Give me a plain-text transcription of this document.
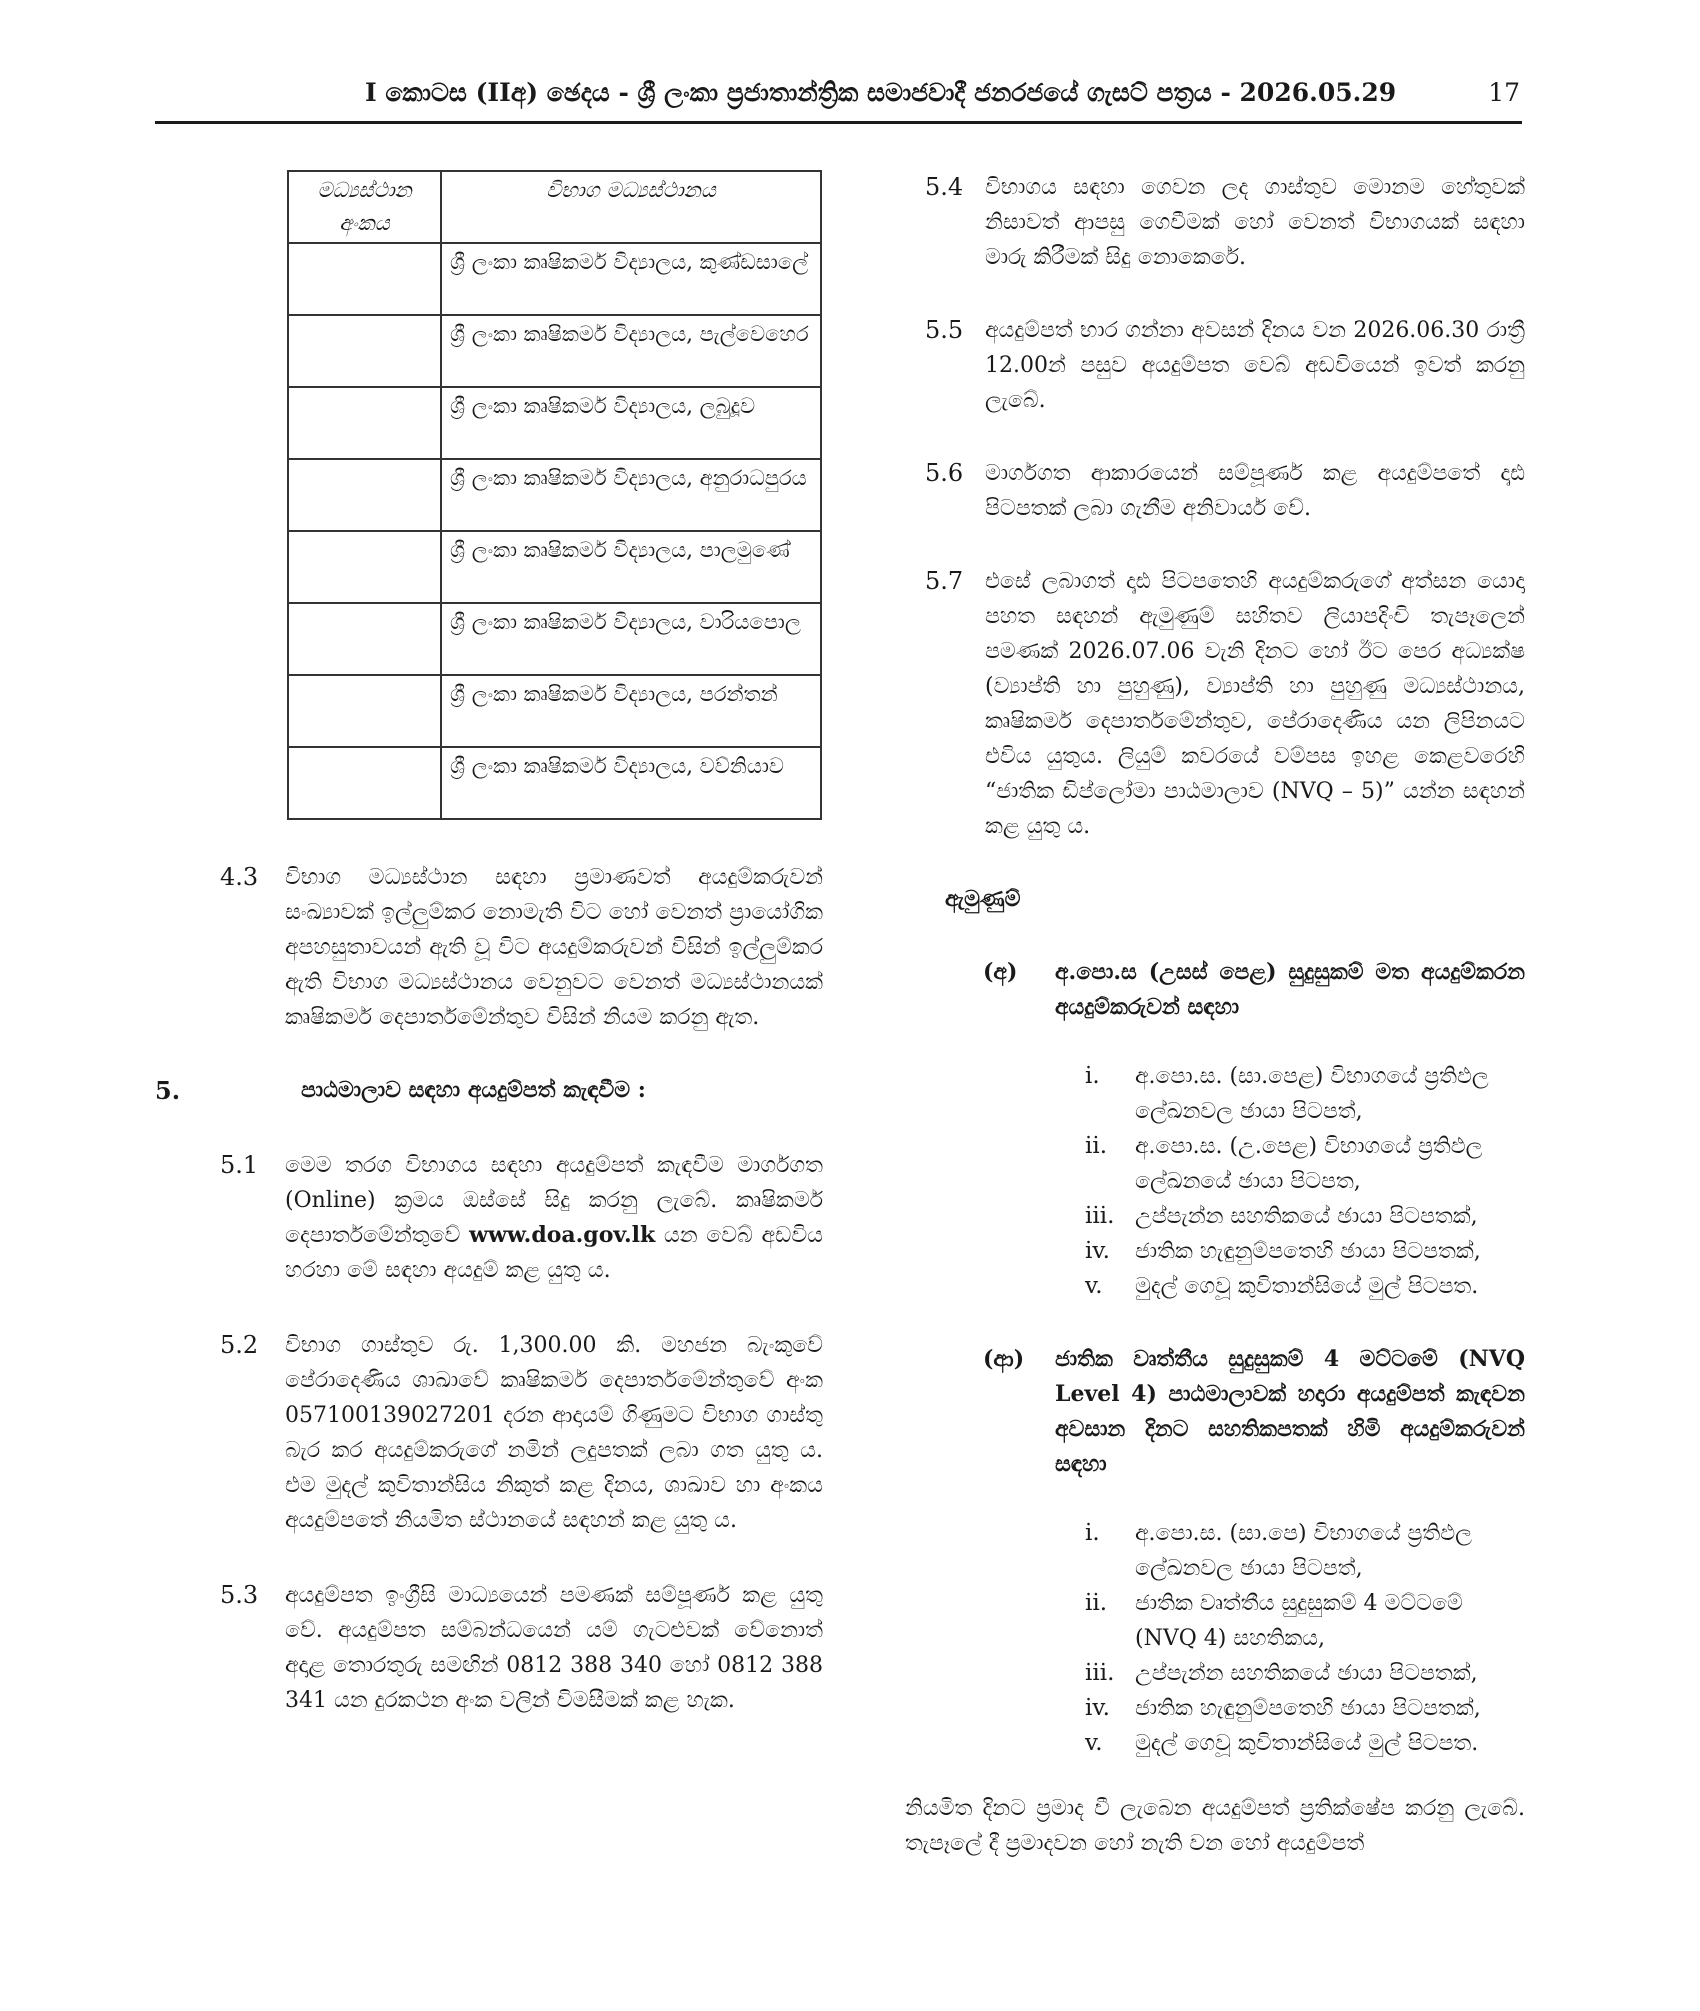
I කොටස (IIඅ) ඡෙදය - ශ්‍රී ලංකා ප්‍රජාතාන්ත්‍රික සමාජවාදී ජනරජයේ ගැසට් පත්‍රය - 2026.05.29	17
මධ්‍යස්ථාන අංකය	විභාග මධ්‍යස්ථානය
	ශ්‍රී ලංකා කෘෂිකර්ම විද්‍යාලය, කුණ්ඩසාලේ
	ශ්‍රී ලංකා කෘෂිකර්ම විද්‍යාලය, පැල්වෙහෙර
	ශ්‍රී ලංකා කෘෂිකර්ම විද්‍යාලය, ලබුදූව
	ශ්‍රී ලංකා කෘෂිකර්ම විද්‍යාලය, අනුරාධපුරය
	ශ්‍රී ලංකා කෘෂිකර්ම විද්‍යාලය, පාලමුණේ
	ශ්‍රී ලංකා කෘෂිකර්ම විද්‍යාලය, වාරියපොල
	ශ්‍රී ලංකා කෘෂිකර්ම විද්‍යාලය, පරන්තන්
	ශ්‍රී ලංකා කෘෂිකර්ම විද්‍යාලය, වව්නියාව
4.3	විභාග මධ්‍යස්ථාන සඳහා ප්‍රමාණවත් අයදුම්කරුවන් සංඛ්‍යාවක් ඉල්ලුම්කර නොමැති විට හෝ වෙනත් ප්‍රායෝගික අපහසුතාවයන් ඇති වූ විට අයදුම්කරුවන් විසින් ඉල්ලුම්කර ඇති විභාග මධ්‍යස්ථානය වෙනුවට වෙනත් මධ්‍යස්ථානයක් කෘෂිකර්ම දෙපාර්තමේන්තුව විසින් නියම කරනු ඇත.
5.	පාඨමාලාව සඳහා අයදුම්පත් කැඳවීම :
5.1	මෙම තරග විභාගය සඳහා අයදුම්පත් කැඳවීම මාර්ගගත (Online) ක්‍රමය ඔස්සේ සිදු කරනු ලැබේ. කෘෂිකර්ම දෙපාර්තමේන්තුවේ www.doa.gov.lk යන වෙබ් අඩවිය හරහා මේ සඳහා අයදුම් කළ යුතු ය.
5.2	විභාග ගාස්තුව රු. 1,300.00 කි. මහජන බැංකුවේ පේරාදෙණිය ශාඛාවේ කෘෂිකර්ම දෙපාර්තමේන්තුවේ අංක 057100139027201 දරන ආදායම් ගිණුමට විභාග ගාස්තු බැර කර අයදුම්කරුගේ නමින් ලදුපතක් ලබා ගත යුතු ය. එම මුදල් කුවිතාන්සිය නිකුත් කළ දිනය, ශාඛාව හා අංකය අයදුම්පතේ නියමිත ස්ථානයේ සඳහන් කළ යුතු ය.
5.3	අයදුම්පත ඉංග්‍රීසි මාධ්‍යයෙන් පමණක් සම්පූර්ණ කළ යුතු වේ. අයදුම්පත සම්බන්ධයෙන් යම් ගැටළුවක් වේනොත් අදාළ තොරතුරු සමඟින් 0812 388 340 හෝ 0812 388 341 යන දුරකථන අංක වලින් විමසීමක් කළ හැක.
5.4 විභාගය සඳහා ගෙවන ලද ගාස්තුව මොනම හේතුවක් නිසාවත් ආපසු ගෙවීමක් හෝ වෙනත් විභාගයක් සඳහා මාරු කිරීමක් සිදු නොකෙරේ.
5.5 අයදුම්පත් භාර ගන්නා අවසන් දිනය වන 2026.06.30 රාත්‍රී 12.00න් පසුව අයදුම්පත වෙබ් අඩවියෙන් ඉවත් කරනු ලැබේ.
5.6 මාර්ගගත ආකාරයෙන් සම්පූර්ණ කළ අයදුම්පතේ දෘඪ පිටපතක් ලබා ගැනීම අනිවාර්ය වේ.
5.7 එසේ ලබාගත් දෘඪ පිටපතෙහි අයදුම්කරුගේ අත්සන යොදා පහත සඳහන් ඇමුණුම් සහිතව ලියාපදිංචි තැපෑලෙන් පමණක් 2026.07.06 වැනි දිනට හෝ ඊට පෙර අධ්‍යක්ෂ (ව්‍යාප්ති හා පුහුණු), ව්‍යාප්ති හා පුහුණු මධ්‍යස්ථානය, කෘෂිකර්ම දෙපාර්තමේන්තුව, පේරාදෙණිය යන ලිපිනයට එවිය යුතුය. ලියුම් කවරයේ වම්පස ඉහළ කෙළවරෙහි “ජාතික ඩිප්ලෝමා පාඨමාලාව (NVQ – 5)” යන්න සඳහන් කළ යුතු ය.
ඇමුණුම්
(අ)	අ.පො.ස (උසස් පෙළ) සුදුසුකම් මත අයදුම්කරන අයදුම්කරුවන් සඳහා
i.	අ.පො.ස. (සා.පෙළ) විභාගයේ ප්‍රතිඵල ලේඛනවල ඡායා පිටපත්,
ii.	අ.පො.ස. (උ.පෙළ) විභාගයේ ප්‍රතිඵල ලේඛනයේ ඡායා පිටපත,
iii. උප්පැන්න සහතිකයේ ඡායා පිටපතක්,
iv.	ජාතික හැඳුනුම්පතෙහි ඡායා පිටපතක්,
v.	මුදල් ගෙවූ කුවිතාන්සියේ මුල් පිටපත.
(ආ)	ජාතික වෘත්තීය සුදුසුකම් 4 මට්ටමේ (NVQ Level 4) පාඨමාලාවක් හදාරා අයදුම්පත් කැඳවන අවසාන දිනට සහතිකපතක් හිමි අයදුම්කරුවන් සඳහා
i.	අ.පො.ස. (සා.පෙ) විභාගයේ ප්‍රතිඵල ලේඛනවල ඡායා පිටපත්,
ii.	ජාතික වෘත්තීය සුදුසුකම් 4 මට්ටමේ (NVQ 4) සහතිකය,
iii. උප්පැන්න සහතිකයේ ඡායා පිටපතක්,
iv.	ජාතික හැඳුනුම්පතෙහි ඡායා පිටපතක්,
v.	මුදල් ගෙවූ කුවිතාන්සියේ මුල් පිටපත.
නියමිත දිනට ප්‍රමාද වී ලැබෙන අයදුම්පත් ප්‍රතික්ෂේප කරනු ලැබේ. තැපෑලේ දී ප්‍රමාදවන හෝ නැති වන හෝ අයදුම්පත්
